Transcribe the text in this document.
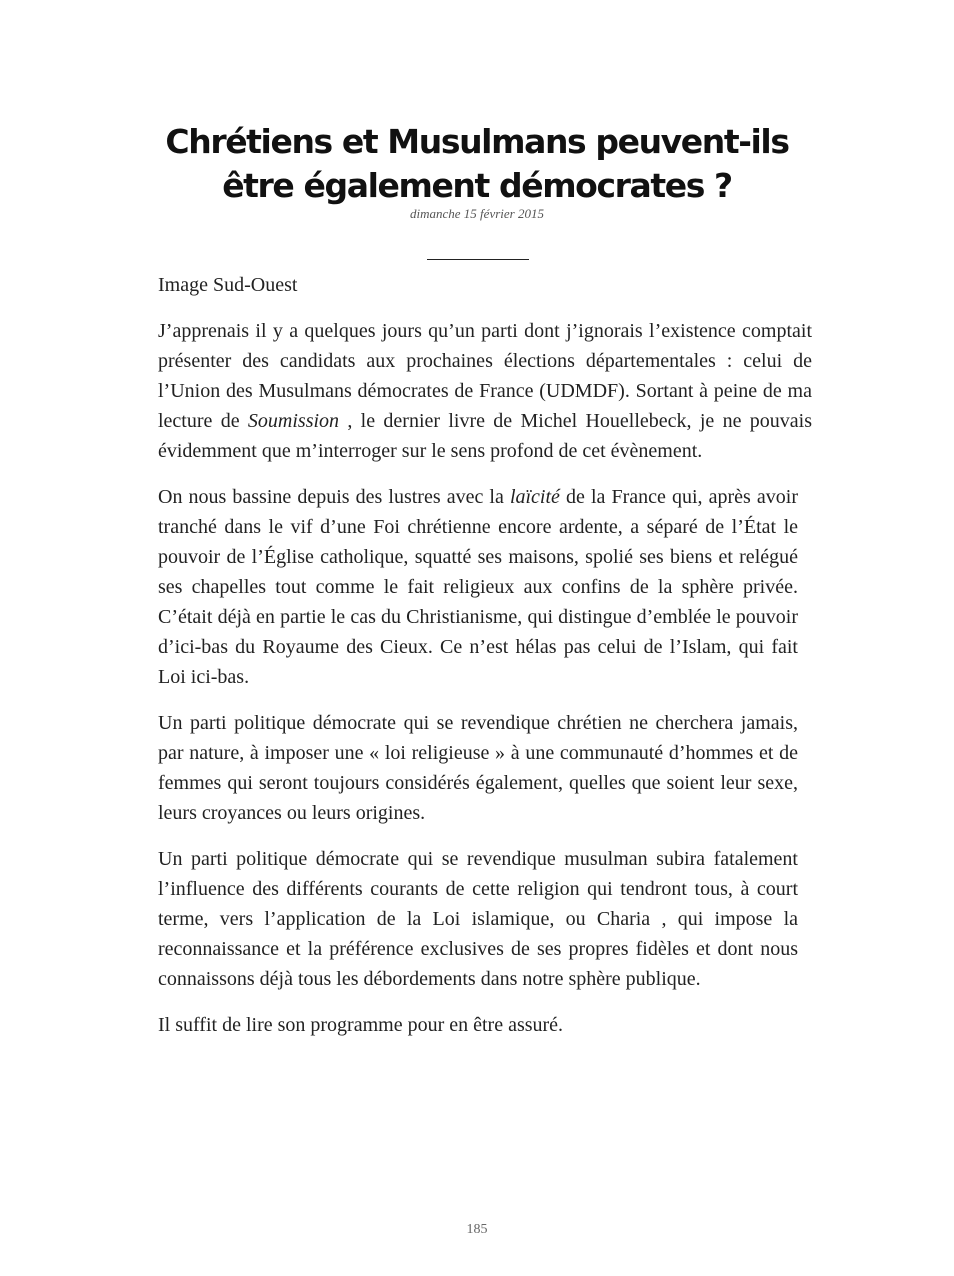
Chrétiens et Musulmans peuvent-ils
être également démocrates ?
dimanche 15 février 2015

Image Sud-Ouest

J’apprenais il y a quelques jours qu’un parti dont j’ignorais l’existence comptait présenter des candidats aux prochaines élections départementales : celui de l’Union des Musulmans démocrates de France (UDMDF). Sortant à peine de ma lecture de Soumission , le dernier livre de Michel Houellebeck, je ne pouvais évidemment que m’interroger sur le sens profond de cet évènement.

On nous bassine depuis des lustres avec la laïcité de la France qui, après avoir tranché dans le vif d’une Foi chrétienne encore ardente, a séparé de l’État le pouvoir de l’Église catholique, squatté ses maisons, spolié ses biens et relégué ses chapelles tout comme le fait religieux aux confins de la sphère privée. C’était déjà en partie le cas du Christianisme, qui distingue d’emblée le pouvoir d’ici-bas du Royaume des Cieux. Ce n’est hélas pas celui de l’Islam, qui fait Loi ici-bas.

Un parti politique démocrate qui se revendique chrétien ne cherchera jamais, par nature, à imposer une « loi religieuse » à une communauté d’hommes et de femmes qui seront toujours considérés également, quelles que soient leur sexe, leurs croyances ou leurs origines.

Un parti politique démocrate qui se revendique musulman subira fatalement l’influence des différents courants de cette religion qui tendront tous, à court terme, vers l’application de la Loi islamique, ou Charia , qui impose la reconnaissance et la préférence exclusives de ses propres fidèles et dont nous connaissons déjà tous les débordements dans notre sphère publique.

Il suffit de lire son programme pour en être assuré.

185
